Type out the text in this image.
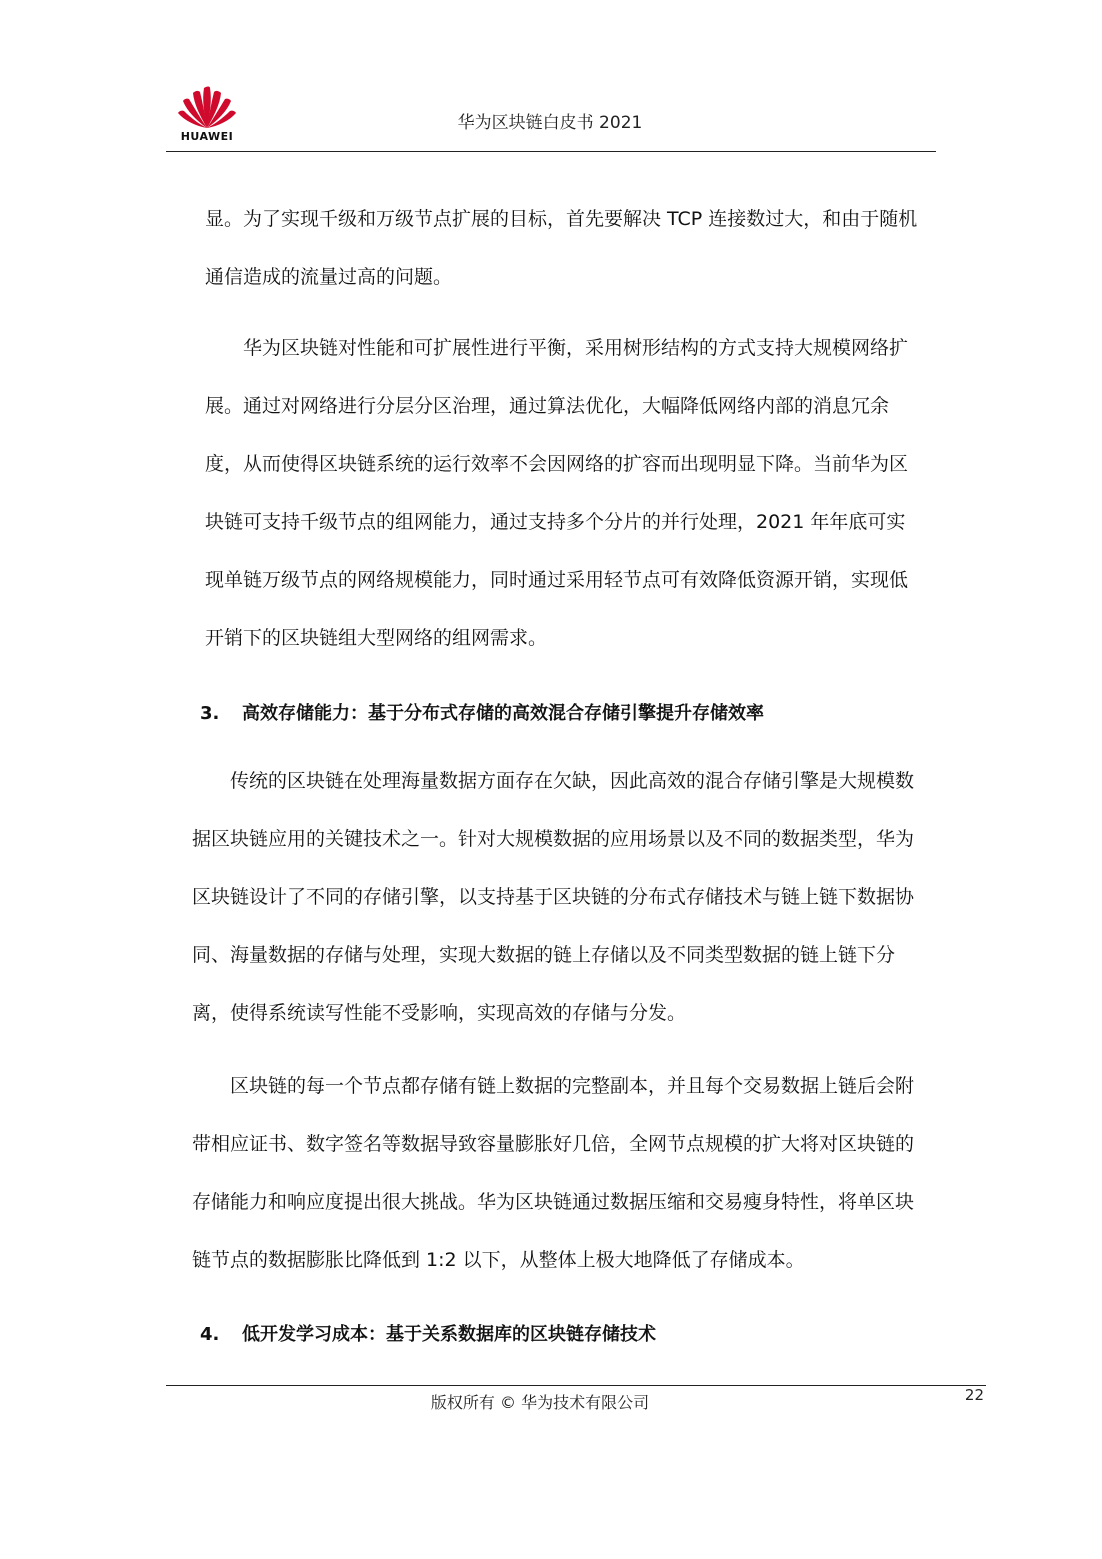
HUAWEI
华为区块链白皮书 2021
显。为了实现千级和万级节点扩展的目标，首先要解决 TCP 连接数过大，和由于随机
通信造成的流量过高的问题。
华为区块链对性能和可扩展性进行平衡，采用树形结构的方式支持大规模网络扩
展。通过对网络进行分层分区治理，通过算法优化，大幅降低网络内部的消息冗余
度，从而使得区块链系统的运行效率不会因网络的扩容而出现明显下降。当前华为区
块链可支持千级节点的组网能力，通过支持多个分片的并行处理，2021 年年底可实
现单链万级节点的网络规模能力，同时通过采用轻节点可有效降低资源开销，实现低
开销下的区块链组大型网络的组网需求。
3. 高效存储能力：基于分布式存储的高效混合存储引擎提升存储效率
传统的区块链在处理海量数据方面存在欠缺，因此高效的混合存储引擎是大规模数
据区块链应用的关键技术之一。针对大规模数据的应用场景以及不同的数据类型，华为
区块链设计了不同的存储引擎，以支持基于区块链的分布式存储技术与链上链下数据协
同、海量数据的存储与处理，实现大数据的链上存储以及不同类型数据的链上链下分
离，使得系统读写性能不受影响，实现高效的存储与分发。
区块链的每一个节点都存储有链上数据的完整副本，并且每个交易数据上链后会附
带相应证书、数字签名等数据导致容量膨胀好几倍，全网节点规模的扩大将对区块链的
存储能力和响应度提出很大挑战。华为区块链通过数据压缩和交易瘦身特性，将单区块
链节点的数据膨胀比降低到 1:2 以下，从整体上极大地降低了存储成本。
4. 低开发学习成本：基于关系数据库的区块链存储技术
版权所有 © 华为技术有限公司	22
